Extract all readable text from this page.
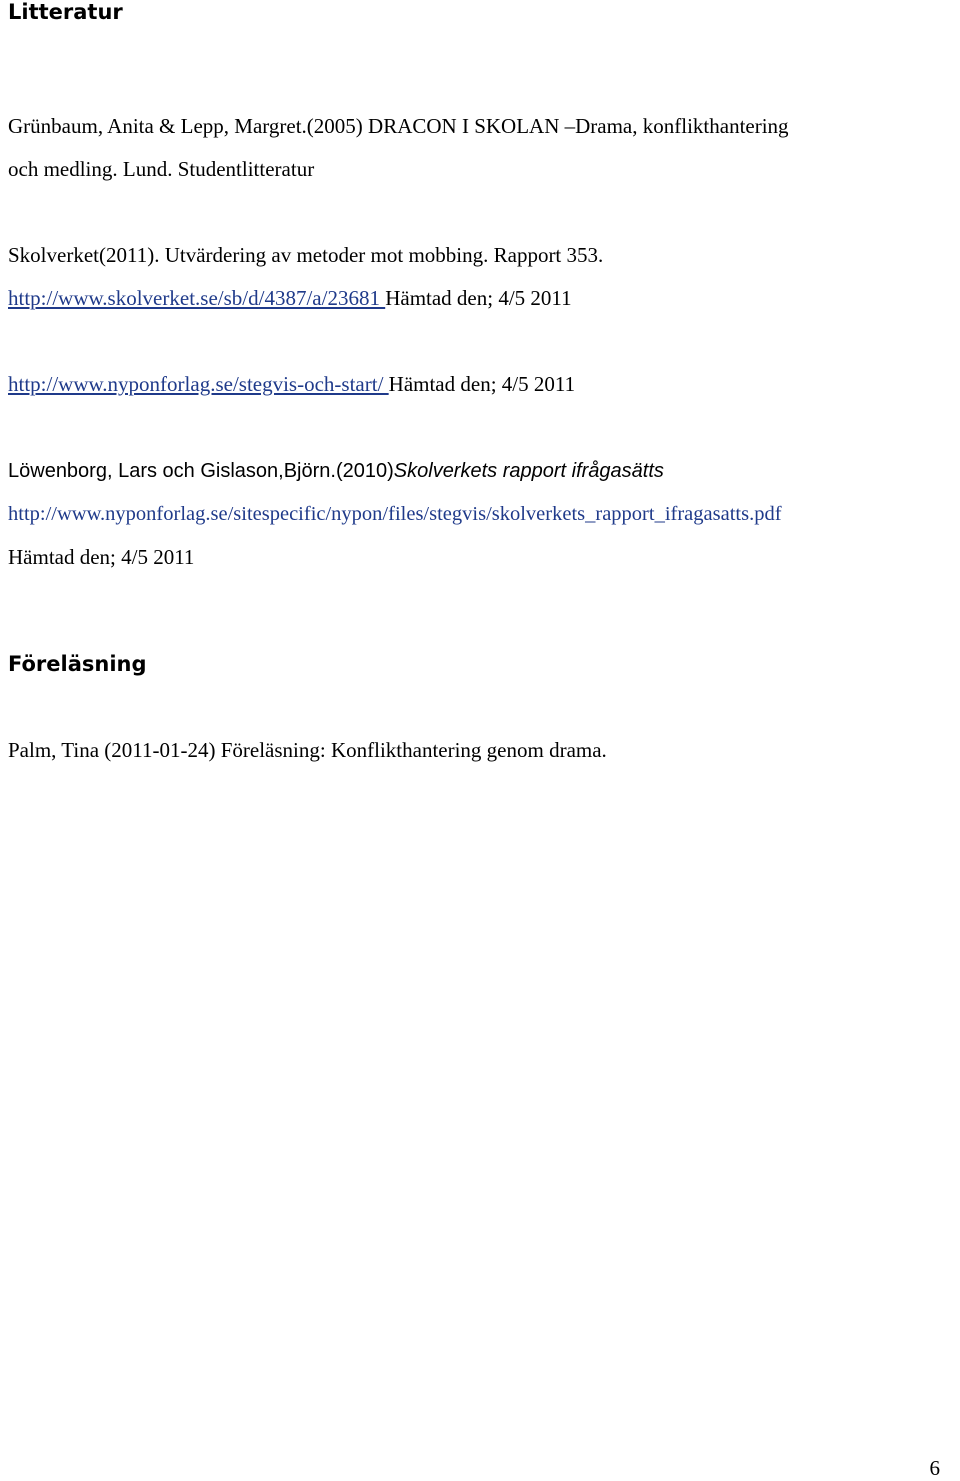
Litteratur
Grünbaum, Anita & Lepp, Margret.(2005) DRACON I SKOLAN –Drama, konflikthantering
och medling. Lund. Studentlitteratur
Skolverket(2011). Utvärdering av metoder mot mobbing. Rapport 353.
http://www.skolverket.se/sb/d/4387/a/23681 Hämtad den; 4/5 2011
http://www.nyponforlag.se/stegvis-och-start/ Hämtad den; 4/5 2011
Löwenborg, Lars och Gislason,Björn.(2010)Skolverkets rapport ifrågasätts
http://www.nyponforlag.se/sitespecific/nypon/files/stegvis/skolverkets_rapport_ifragasatts.pdf
Hämtad den; 4/5 2011
Föreläsning
Palm, Tina (2011-01-24) Föreläsning: Konflikthantering genom drama.
6
